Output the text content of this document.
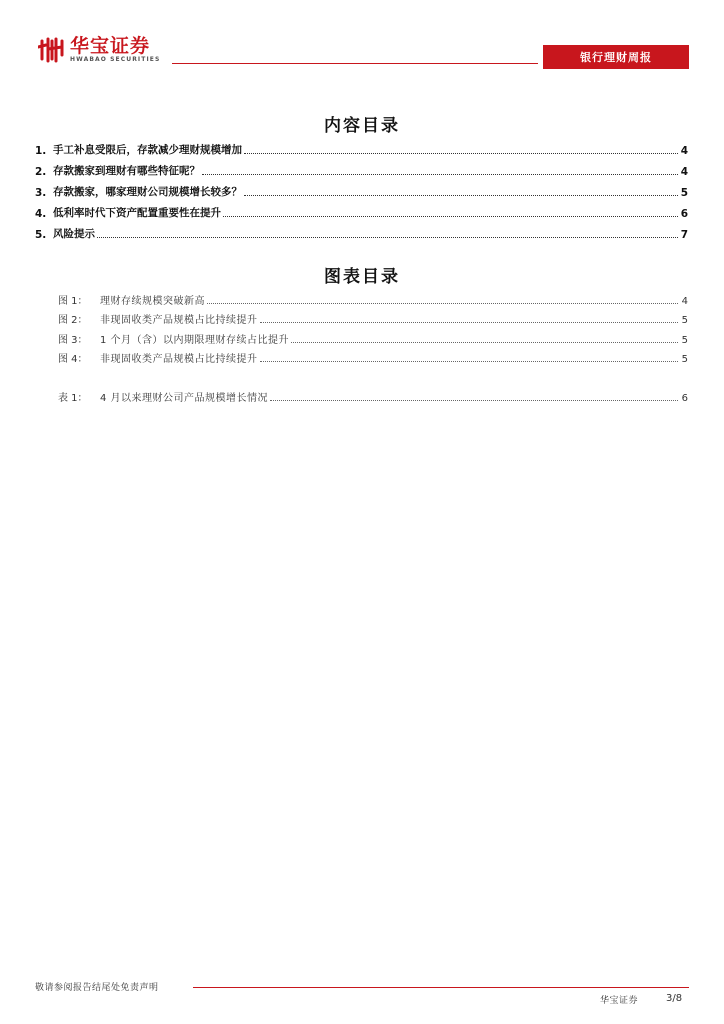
华宝证券
HWABAO SECURITIES	银行理财周报
内容目录
1. 手工补息受限后，存款减少理财规模增加	4
2. 存款搬家到理财有哪些特征呢？	4
3. 存款搬家，哪家理财公司规模增长较多？	5
4. 低利率时代下资产配置重要性在提升	6
5. 风险提示	7
图表目录
图 1：	理财存续规模突破新高	4
图 2：	非现固收类产品规模占比持续提升	5
图 3：	1 个月（含）以内期限理财存续占比提升	5
图 4：	非现固收类产品规模占比持续提升	5
表 1：	4 月以来理财公司产品规模增长情况	6
敬请参阅报告结尾处免责声明
华宝证券	3/8
